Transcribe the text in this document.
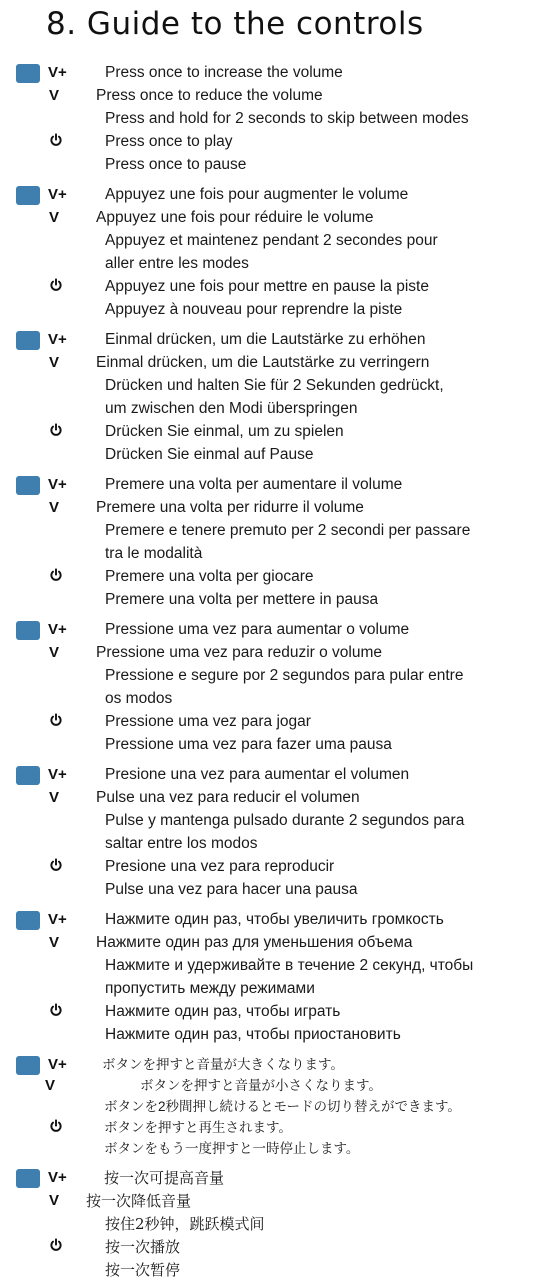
8. Guide to the controls
V+ Press once to increase the volume
V Press once to reduce the volume
Press and hold for 2 seconds to skip between modes
Press once to play
Press once to pause
V+ Appuyez une fois pour augmenter le volume
V Appuyez une fois pour réduire le volume
Appuyez et maintenez pendant 2 secondes pour
aller entre les modes
Appuyez une fois pour mettre en pause la piste
Appuyez à nouveau pour reprendre la piste
V+ Einmal drücken, um die Lautstärke zu erhöhen
V Einmal drücken, um die Lautstärke zu verringern
Drücken und halten Sie für 2 Sekunden gedrückt,
um zwischen den Modi überspringen
Drücken Sie einmal, um zu spielen
Drücken Sie einmal auf Pause
V+ Premere una volta per aumentare il volume
V Premere una volta per ridurre il volume
Premere e tenere premuto per 2 secondi per passare
tra le modalità
Premere una volta per giocare
Premere una volta per mettere in pausa
V+ Pressione uma vez para aumentar o volume
V Pressione uma vez para reduzir o volume
Pressione e segure por 2 segundos para pular entre
os modos
Pressione uma vez para jogar
Pressione uma vez para fazer uma pausa
V+ Presione una vez para aumentar el volumen
V Pulse una vez para reducir el volumen
Pulse y mantenga pulsado durante 2 segundos para
saltar entre los modos
Presione una vez para reproducir
Pulse una vez para hacer una pausa
V+ Нажмите один раз, чтобы увеличить громкость
V Нажмите один раз для уменьшения объема
Нажмите и удерживайте в течение 2 секунд, чтобы
пропустить между режимами
Нажмите один раз, чтобы играть
Нажмите один раз, чтобы приостановить
V+	ボタンを押すと音量が大きくなります。
V	ボタンを押すと音量が小さくなります。
ボタンを2秒間押し続けるとモードの切り替えができます。
ボタンを押すと再生されます。
ボタンをもう一度押すと一時停止します。
V+ 按一次可提高音量
V 按一次降低音量
按住2秒钟，跳跃模式间
按一次播放
按一次暂停
